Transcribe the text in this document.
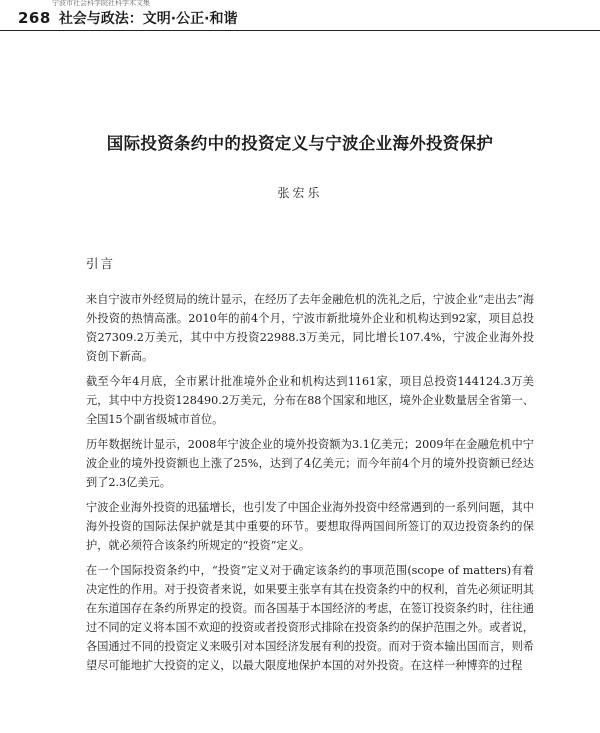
宁波市社会科学院社科学术文集
268 社会与政法：文明·公正·和谐
国际投资条约中的投资定义与宁波企业海外投资保护
张宏乐
引言

来自宁波市外经贸局的统计显示，在经历了去年金融危机的洗礼之后，宁波企业“走出去”海外投资的热情高涨。2010年的前4个月，宁波市新批境外企业和机构达到92家，项目总投资27309.2万美元，其中中方投资22988.3万美元，同比增长107.4%，宁波企业海外投资创下新高。

截至今年4月底，全市累计批准境外企业和机构达到1161家，项目总投资144124.3万美元，其中中方投资128490.2万美元，分布在88个国家和地区，境外企业数量居全省第一、全国15个副省级城市首位。

历年数据统计显示，2008年宁波企业的境外投资额为3.1亿美元；2009年在金融危机中宁波企业的境外投资额也上涨了25%，达到了4亿美元；而今年前4个月的境外投资额已经达到了2.3亿美元。

宁波企业海外投资的迅猛增长，也引发了中国企业海外投资中经常遇到的一系列问题，其中海外投资的国际法保护就是其中重要的环节。要想取得两国间所签订的双边投资条约的保护，就必须符合该条约所规定的“投资”定义。

在一个国际投资条约中，“投资”定义对于确定该条约的事项范围(scope of matters)有着决定性的作用。对于投资者来说，如果要主张享有其在投资条约中的权利，首先必须证明其在东道国存在条约所界定的投资。而各国基于本国经济的考虑，在签订投资条约时，往往通过不同的定义将本国不欢迎的投资或者投资形式排除在投资条约的保护范围之外。或者说，各国通过不同的投资定义来吸引对本国经济发展有利的投资。而对于资本输出国而言，则希望尽可能地扩大投资的定义，以最大限度地保护本国的对外投资。在这样一种博弈的过程
